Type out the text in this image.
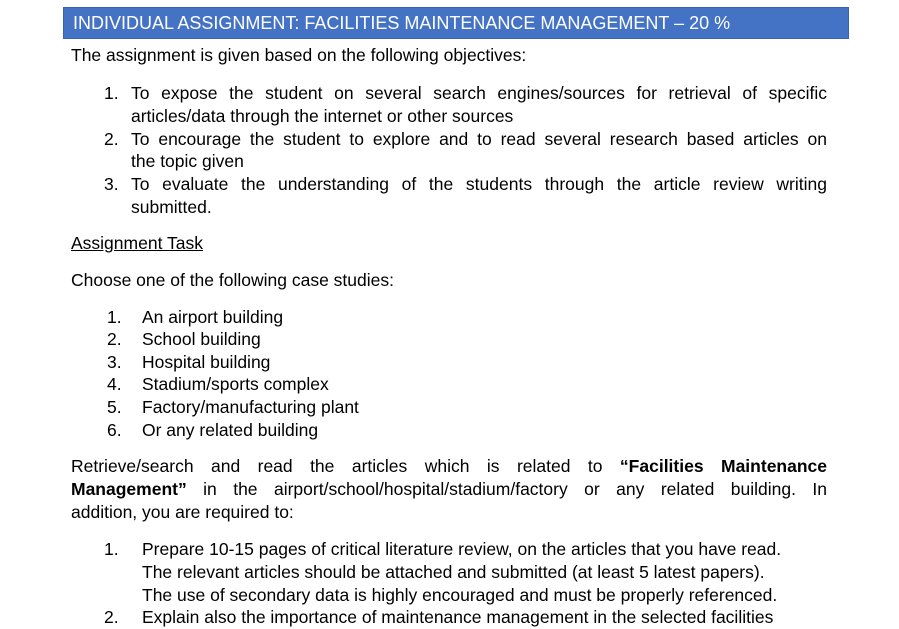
INDIVIDUAL ASSIGNMENT: FACILITIES MAINTENANCE MANAGEMENT – 20 %
The assignment is given based on the following objectives:
1. To expose the student on several search engines/sources for retrieval of specific
articles/data through the internet or other sources
2. To encourage the student to explore and to read several research based articles on
the topic given
3. To evaluate the understanding of the students through the article review writing
submitted.
Assignment Task
Choose one of the following case studies:
1. An airport building
2. School building
3. Hospital building
4. Stadium/sports complex
5. Factory/manufacturing plant
6. Or any related building
Retrieve/search and read the articles which is related to “Facilities Maintenance
Management” in the airport/school/hospital/stadium/factory or any related building. In
addition, you are required to:
1. Prepare 10-15 pages of critical literature review, on the articles that you have read.
The relevant articles should be attached and submitted (at least 5 latest papers).
The use of secondary data is highly encouraged and must be properly referenced.
2. Explain also the importance of maintenance management in the selected facilities
